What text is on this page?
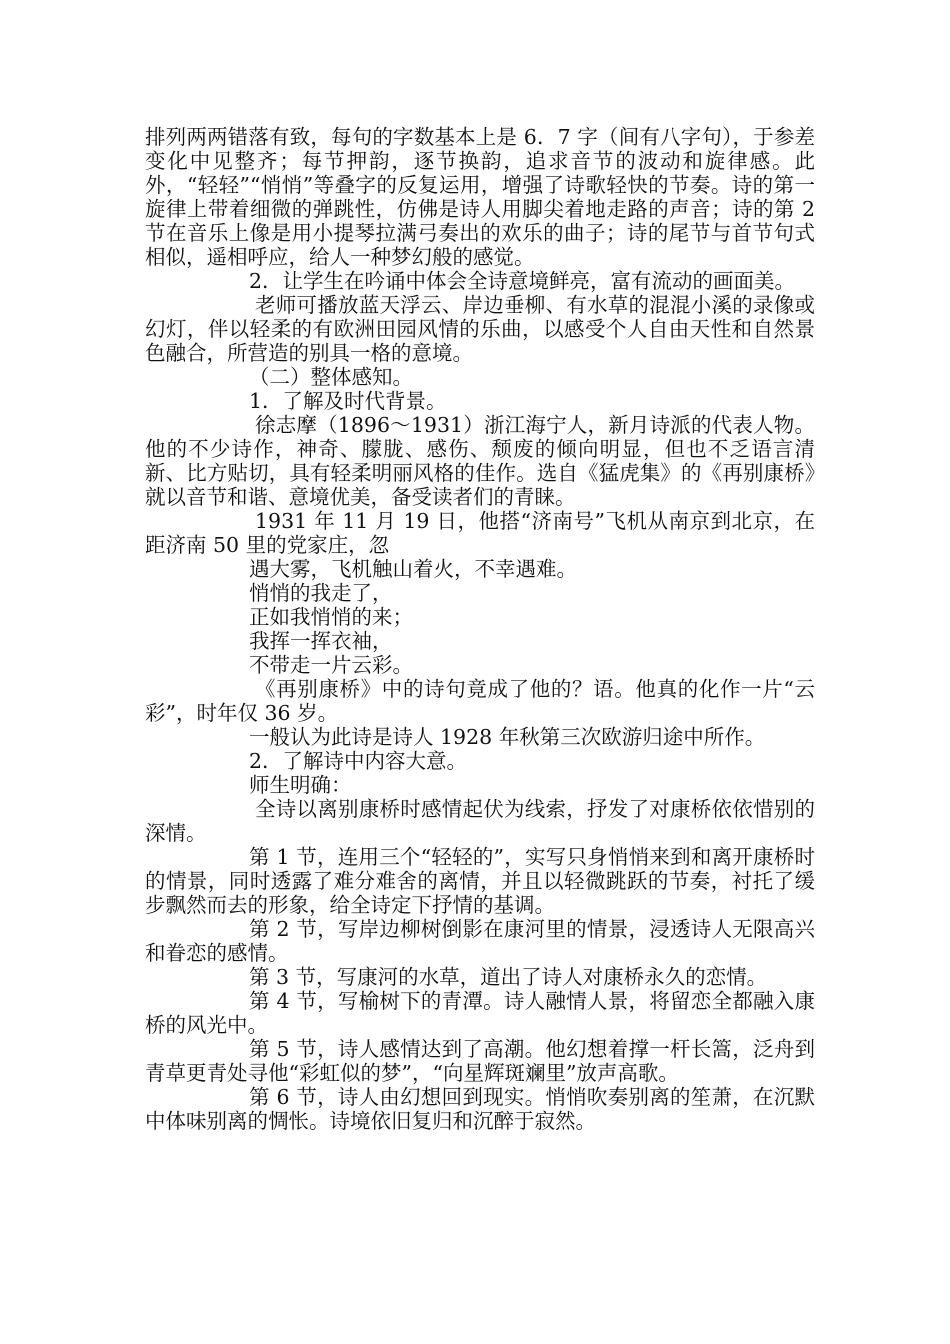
排列两两错落有致，每句的字数基本上是 6．7 字（间有八字句），于参差变化中见整齐；每节押韵，逐节换韵，追求音节的波动和旋律感。此外，“轻轻”“悄悄”等叠字的反复运用，增强了诗歌轻快的节奏。诗的第一旋律上带着细微的弹跳性，仿佛是诗人用脚尖着地走路的声音；诗的第 2 节在音乐上像是用小提琴拉满弓奏出的欢乐的曲子；诗的尾节与首节句式相似，遥相呼应，给人一种梦幻般的感觉。

2．让学生在吟诵中体会全诗意境鲜亮，富有流动的画面美。

老师可播放蓝天浮云、岸边垂柳、有水草的混混小溪的录像或幻灯，伴以轻柔的有欧洲田园风情的乐曲，以感受个人自由天性和自然景色融合，所营造的别具一格的意境。

（二）整体感知。

1．了解及时代背景。

徐志摩（1896～1931）浙江海宁人，新月诗派的代表人物。他的不少诗作，神奇、朦胧、感伤、颓废的倾向明显，但也不乏语言清新、比方贴切，具有轻柔明丽风格的佳作。选自《猛虎集》的《再别康桥》就以音节和谐、意境优美，备受读者们的青睐。

1931 年 11 月 19 日，他搭“济南号”飞机从南京到北京，在距济南 50 里的党家庄，忽

遇大雾，飞机触山着火，不幸遇难。

悄悄的我走了，

正如我悄悄的来；

我挥一挥衣袖，

不带走一片云彩。

《再别康桥》中的诗句竟成了他的？语。他真的化作一片“云彩”，时年仅 36 岁。

一般认为此诗是诗人 1928 年秋第三次欧游归途中所作。

2．了解诗中内容大意。

师生明确：

全诗以离别康桥时感情起伏为线索，抒发了对康桥依依惜别的深情。

第 1 节，连用三个“轻轻的”，实写只身悄悄来到和离开康桥时的情景，同时透露了难分难舍的离情，并且以轻微跳跃的节奏，衬托了缓步飘然而去的形象，给全诗定下抒情的基调。

第 2 节，写岸边柳树倒影在康河里的情景，浸透诗人无限高兴和眷恋的感情。

第 3 节，写康河的水草，道出了诗人对康桥永久的恋情。

第 4 节，写榆树下的青潭。诗人融情人景，将留恋全都融入康桥的风光中。

第 5 节，诗人感情达到了高潮。他幻想着撑一杆长篙，泛舟到青草更青处寻他“彩虹似的梦”，“向星辉斑斓里”放声高歌。

第 6 节，诗人由幻想回到现实。悄悄吹奏别离的笙萧，在沉默中体味别离的惆怅。诗境依旧复归和沉醉于寂然。
